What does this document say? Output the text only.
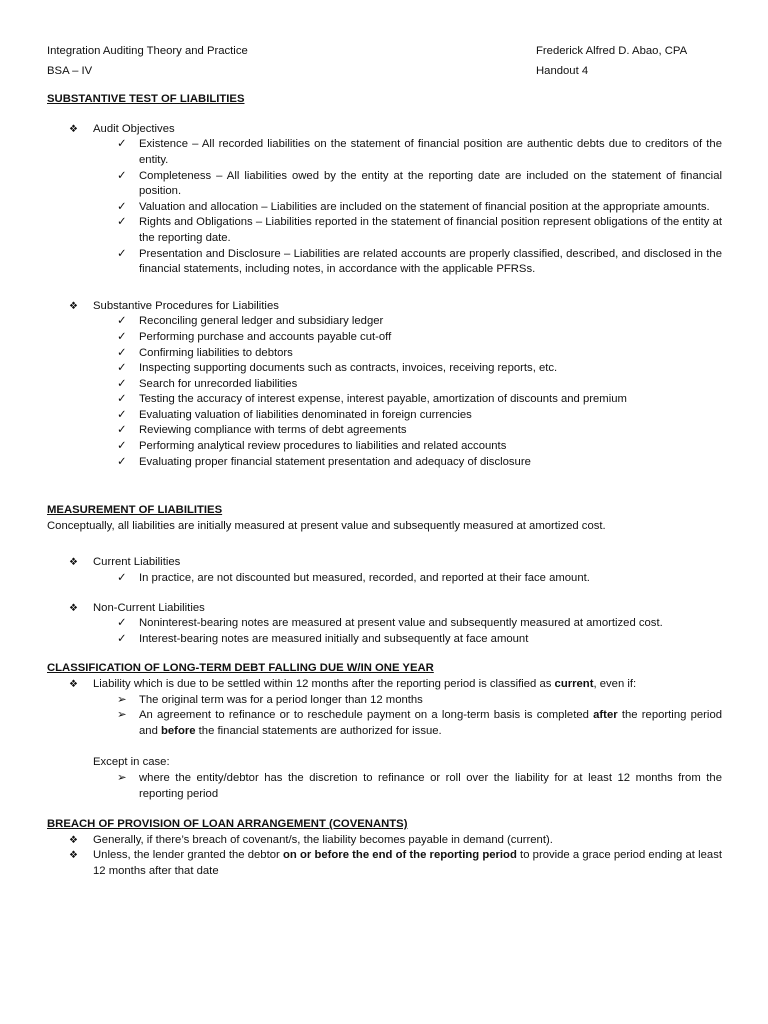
Integration Auditing Theory and Practice	Frederick Alfred D. Abao, CPA
BSA – IV	Handout 4

SUBSTANTIVE TEST OF LIABILITIES

❖ Audit Objectives
✓ Existence – All recorded liabilities on the statement of financial position are authentic debts due to creditors of the entity.
✓ Completeness – All liabilities owed by the entity at the reporting date are included on the statement of financial position.
✓ Valuation and allocation – Liabilities are included on the statement of financial position at the appropriate amounts.
✓ Rights and Obligations – Liabilities reported in the statement of financial position represent obligations of the entity at the reporting date.
✓ Presentation and Disclosure – Liabilities are related accounts are properly classified, described, and disclosed in the financial statements, including notes, in accordance with the applicable PFRSs.
❖ Substantive Procedures for Liabilities
✓ Reconciling general ledger and subsidiary ledger
✓ Performing purchase and accounts payable cut-off
✓ Confirming liabilities to debtors
✓ Inspecting supporting documents such as contracts, invoices, receiving reports, etc.
✓ Search for unrecorded liabilities
✓ Testing the accuracy of interest expense, interest payable, amortization of discounts and premium
✓ Evaluating valuation of liabilities denominated in foreign currencies
✓ Reviewing compliance with terms of debt agreements
✓ Performing analytical review procedures to liabilities and related accounts
✓ Evaluating proper financial statement presentation and adequacy of disclosure

MEASUREMENT OF LIABILITIES

Conceptually, all liabilities are initially measured at present value and subsequently measured at amortized cost.

❖ Current Liabilities
✓ In practice, are not discounted but measured, recorded, and reported at their face amount.
❖ Non-Current Liabilities
✓ Noninterest-bearing notes are measured at present value and subsequently measured at amortized cost.
✓ Interest-bearing notes are measured initially and subsequently at face amount

CLASSIFICATION OF LONG-TERM DEBT FALLING DUE W/IN ONE YEAR

❖ Liability which is due to be settled within 12 months after the reporting period is classified as current, even if:
➢ The original term was for a period longer than 12 months
➢ An agreement to refinance or to reschedule payment on a long-term basis is completed after the reporting period and before the financial statements are authorized for issue.

Except in case:

➢ where the entity/debtor has the discretion to refinance or roll over the liability for at least 12 months from the reporting period

BREACH OF PROVISION OF LOAN ARRANGEMENT (COVENANTS)

❖ Generally, if there’s breach of covenant/s, the liability becomes payable in demand (current).
❖ Unless, the lender granted the debtor on or before the end of the reporting period to provide a grace period ending at least 12 months after that date
